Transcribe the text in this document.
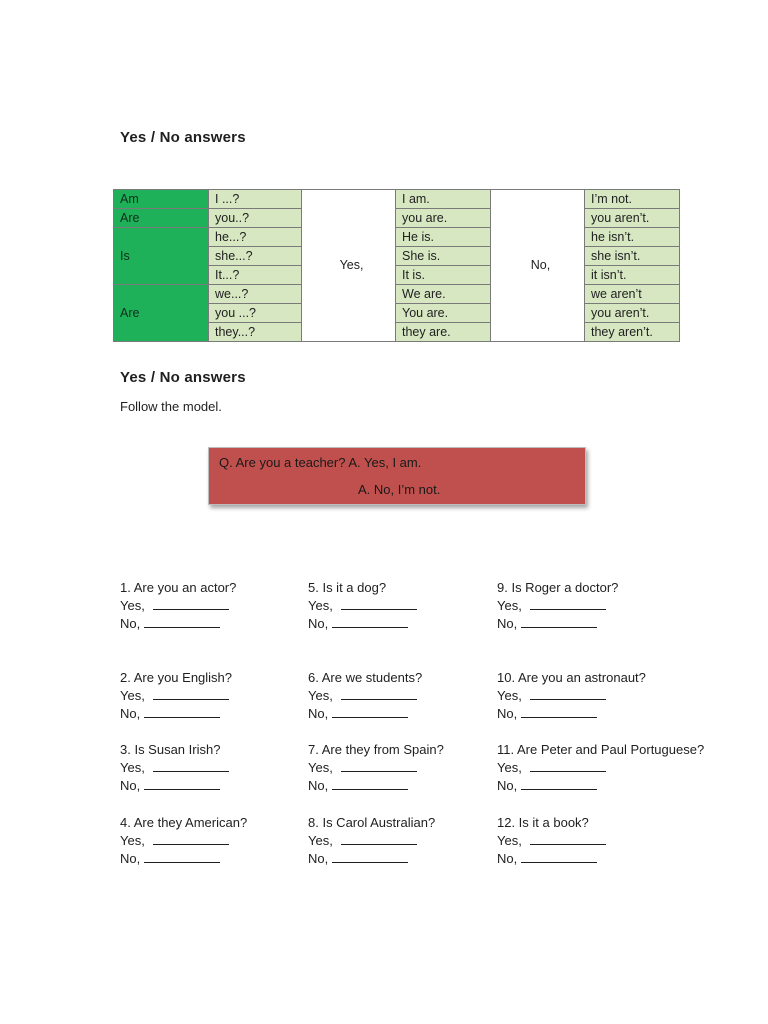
Yes / No answers
Am	I ...?	Yes,	I am.	No,	I’m not.
Are	you..?		you are.		you aren’t.
Is	he...?		He is.		he isn’t.
	she...?		She is.		she isn’t.
	It...?		It is.		it isn’t.
Are	we...?		We are.		we aren’t
	you ...?		You are.		you aren’t.
	they...?		they are.		they aren’t.
Yes / No answers
Follow the model.
Q. Are you a teacher? A. Yes, I am.
A. No, I’m not.
1. Are you an actor?
Yes,
No,
2. Are you English?
Yes,
No,
3. Is Susan Irish?
Yes,
No,
4. Are they American?
Yes,
No,
5. Is it a dog?
Yes,
No,
6. Are we students?
Yes,
No,
7. Are they from Spain?
Yes,
No,
8. Is Carol Australian?
Yes,
No,
9. Is Roger a doctor?
Yes,
No,
10. Are you an astronaut?
Yes,
No,
11. Are Peter and Paul Portuguese?
Yes,
No,
12. Is it a book?
Yes,
No,
